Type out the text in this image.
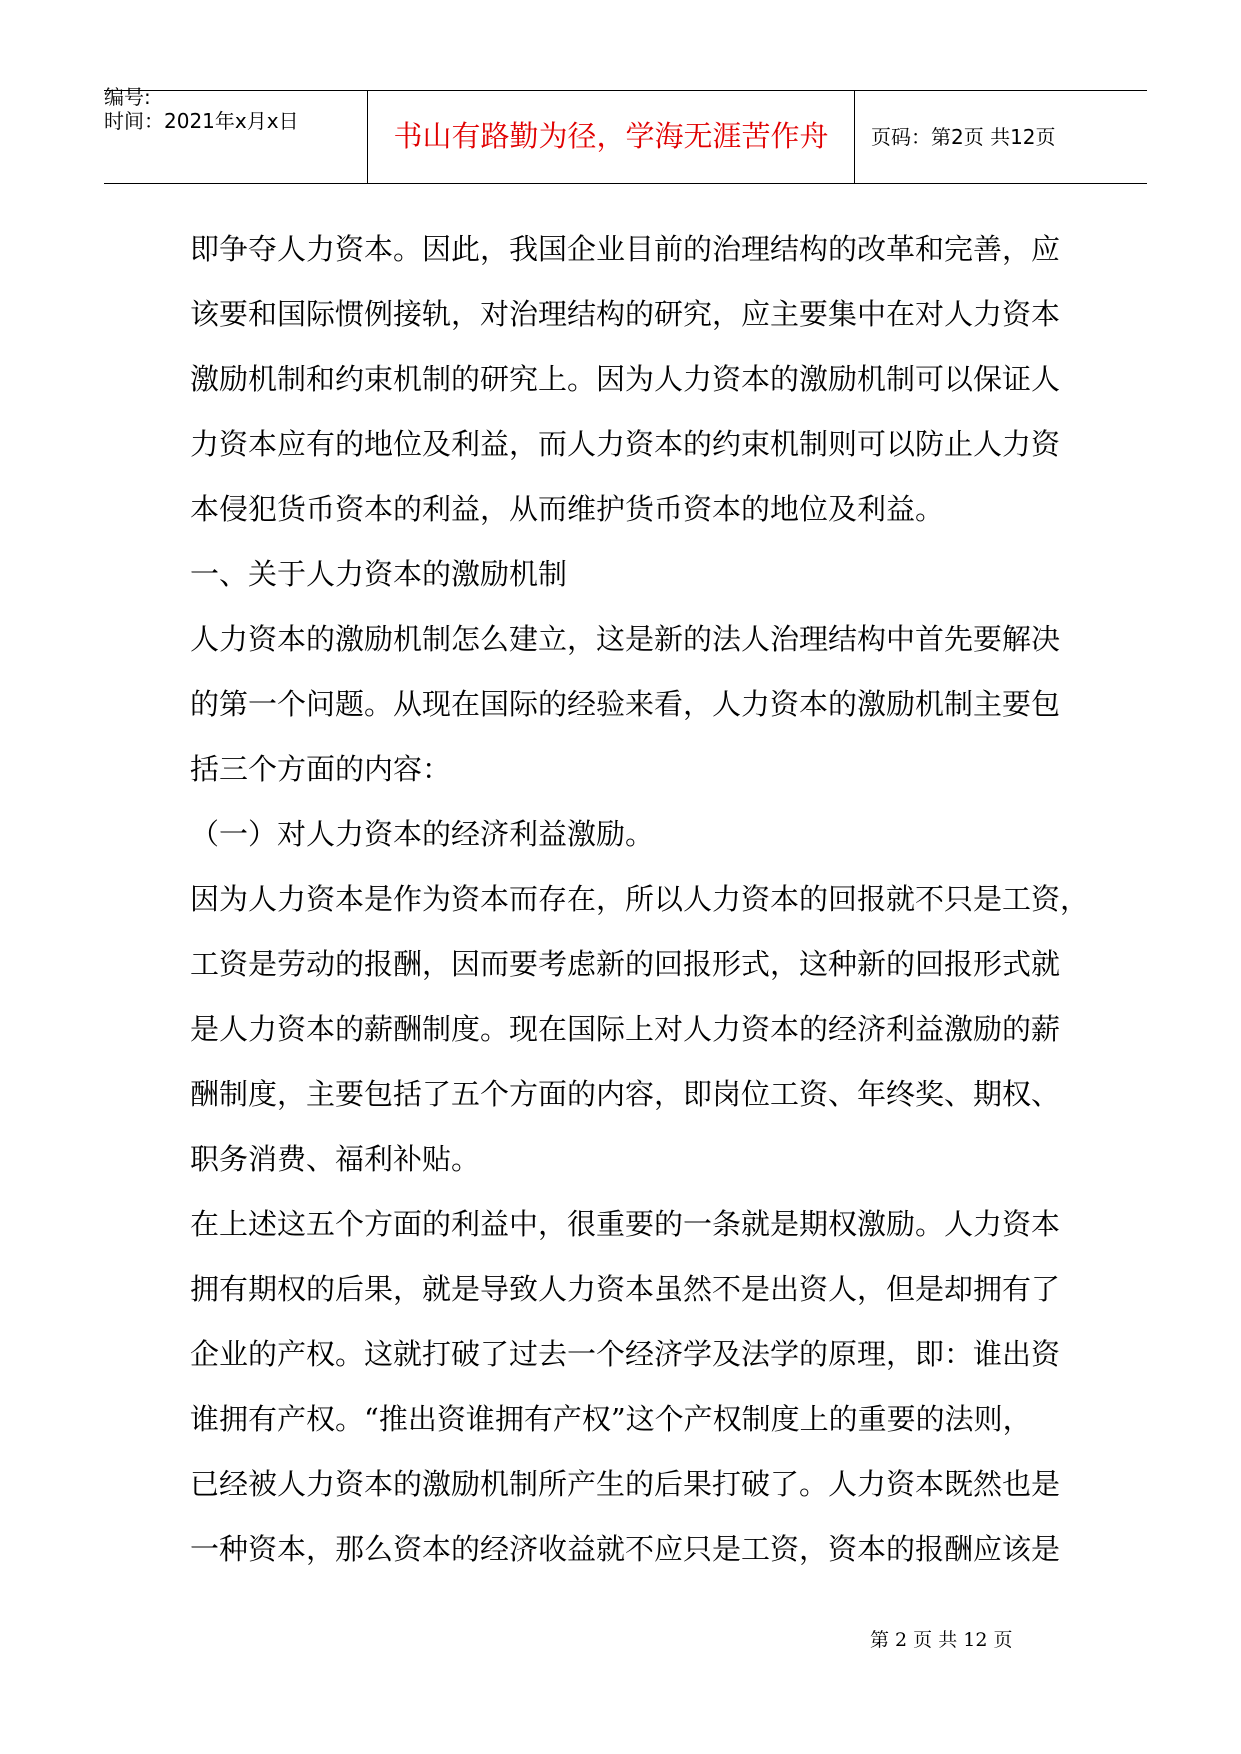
编号:
时间：2021年x月x日	书山有路勤为径，学海无涯苦作舟	页码：第2页 共12页
即争夺人力资本。因此，我国企业目前的治理结构的改革和完善，应
该要和国际惯例接轨，对治理结构的研究，应主要集中在对人力资本
激励机制和约束机制的研究上。因为人力资本的激励机制可以保证人
力资本应有的地位及利益，而人力资本的约束机制则可以防止人力资
本侵犯货币资本的利益，从而维护货币资本的地位及利益。
一、关于人力资本的激励机制
人力资本的激励机制怎么建立，这是新的法人治理结构中首先要解决
的第一个问题。从现在国际的经验来看，人力资本的激励机制主要包
括三个方面的内容：
（一）对人力资本的经济利益激励。
因为人力资本是作为资本而存在，所以人力资本的回报就不只是工资，
工资是劳动的报酬，因而要考虑新的回报形式，这种新的回报形式就
是人力资本的薪酬制度。现在国际上对人力资本的经济利益激励的薪
酬制度，主要包括了五个方面的内容，即岗位工资、年终奖、期权、
职务消费、福利补贴。
在上述这五个方面的利益中，很重要的一条就是期权激励。人力资本
拥有期权的后果，就是导致人力资本虽然不是出资人，但是却拥有了
企业的产权。这就打破了过去一个经济学及法学的原理，即：谁出资
谁拥有产权。“推出资谁拥有产权”这个产权制度上的重要的法则，
已经被人力资本的激励机制所产生的后果打破了。人力资本既然也是
一种资本，那么资本的经济收益就不应只是工资，资本的报酬应该是
第 2 页 共 12 页
